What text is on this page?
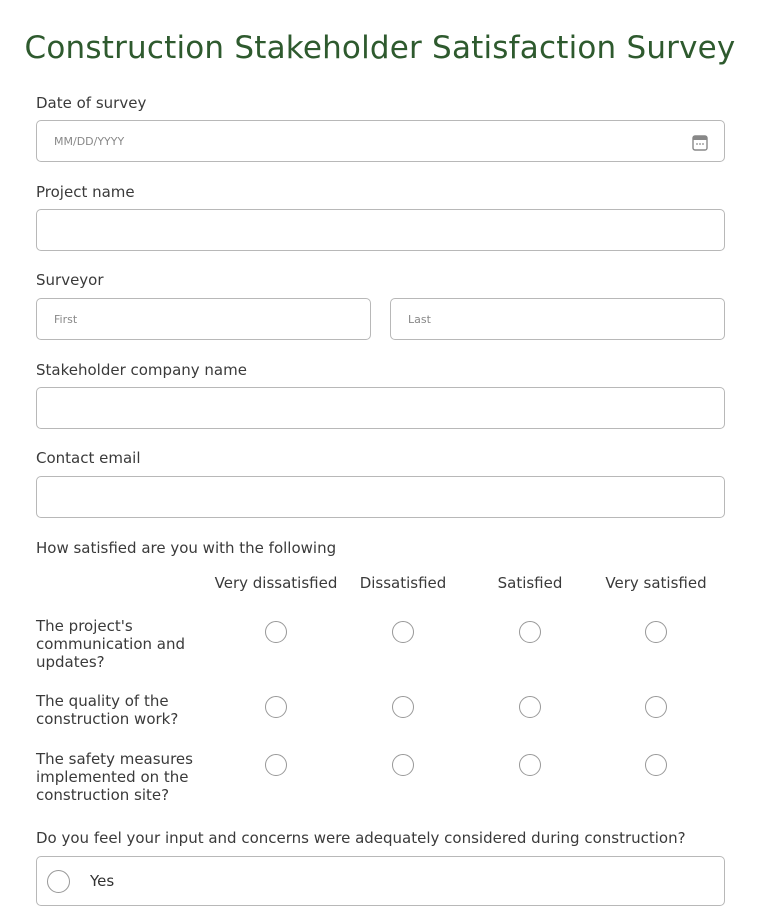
Construction Stakeholder Satisfaction Survey
Date of survey
MM/DD/YYYY
Project name
Surveyor
First	Last
Stakeholder company name
Contact email
How satisfied are you with the following
Very dissatisfied	Dissatisfied	Satisfied	Very satisfied
The project's communication and updates?
The quality of the construction work?
The safety measures implemented on the construction site?
Do you feel your input and concerns were adequately considered during construction?
Yes
